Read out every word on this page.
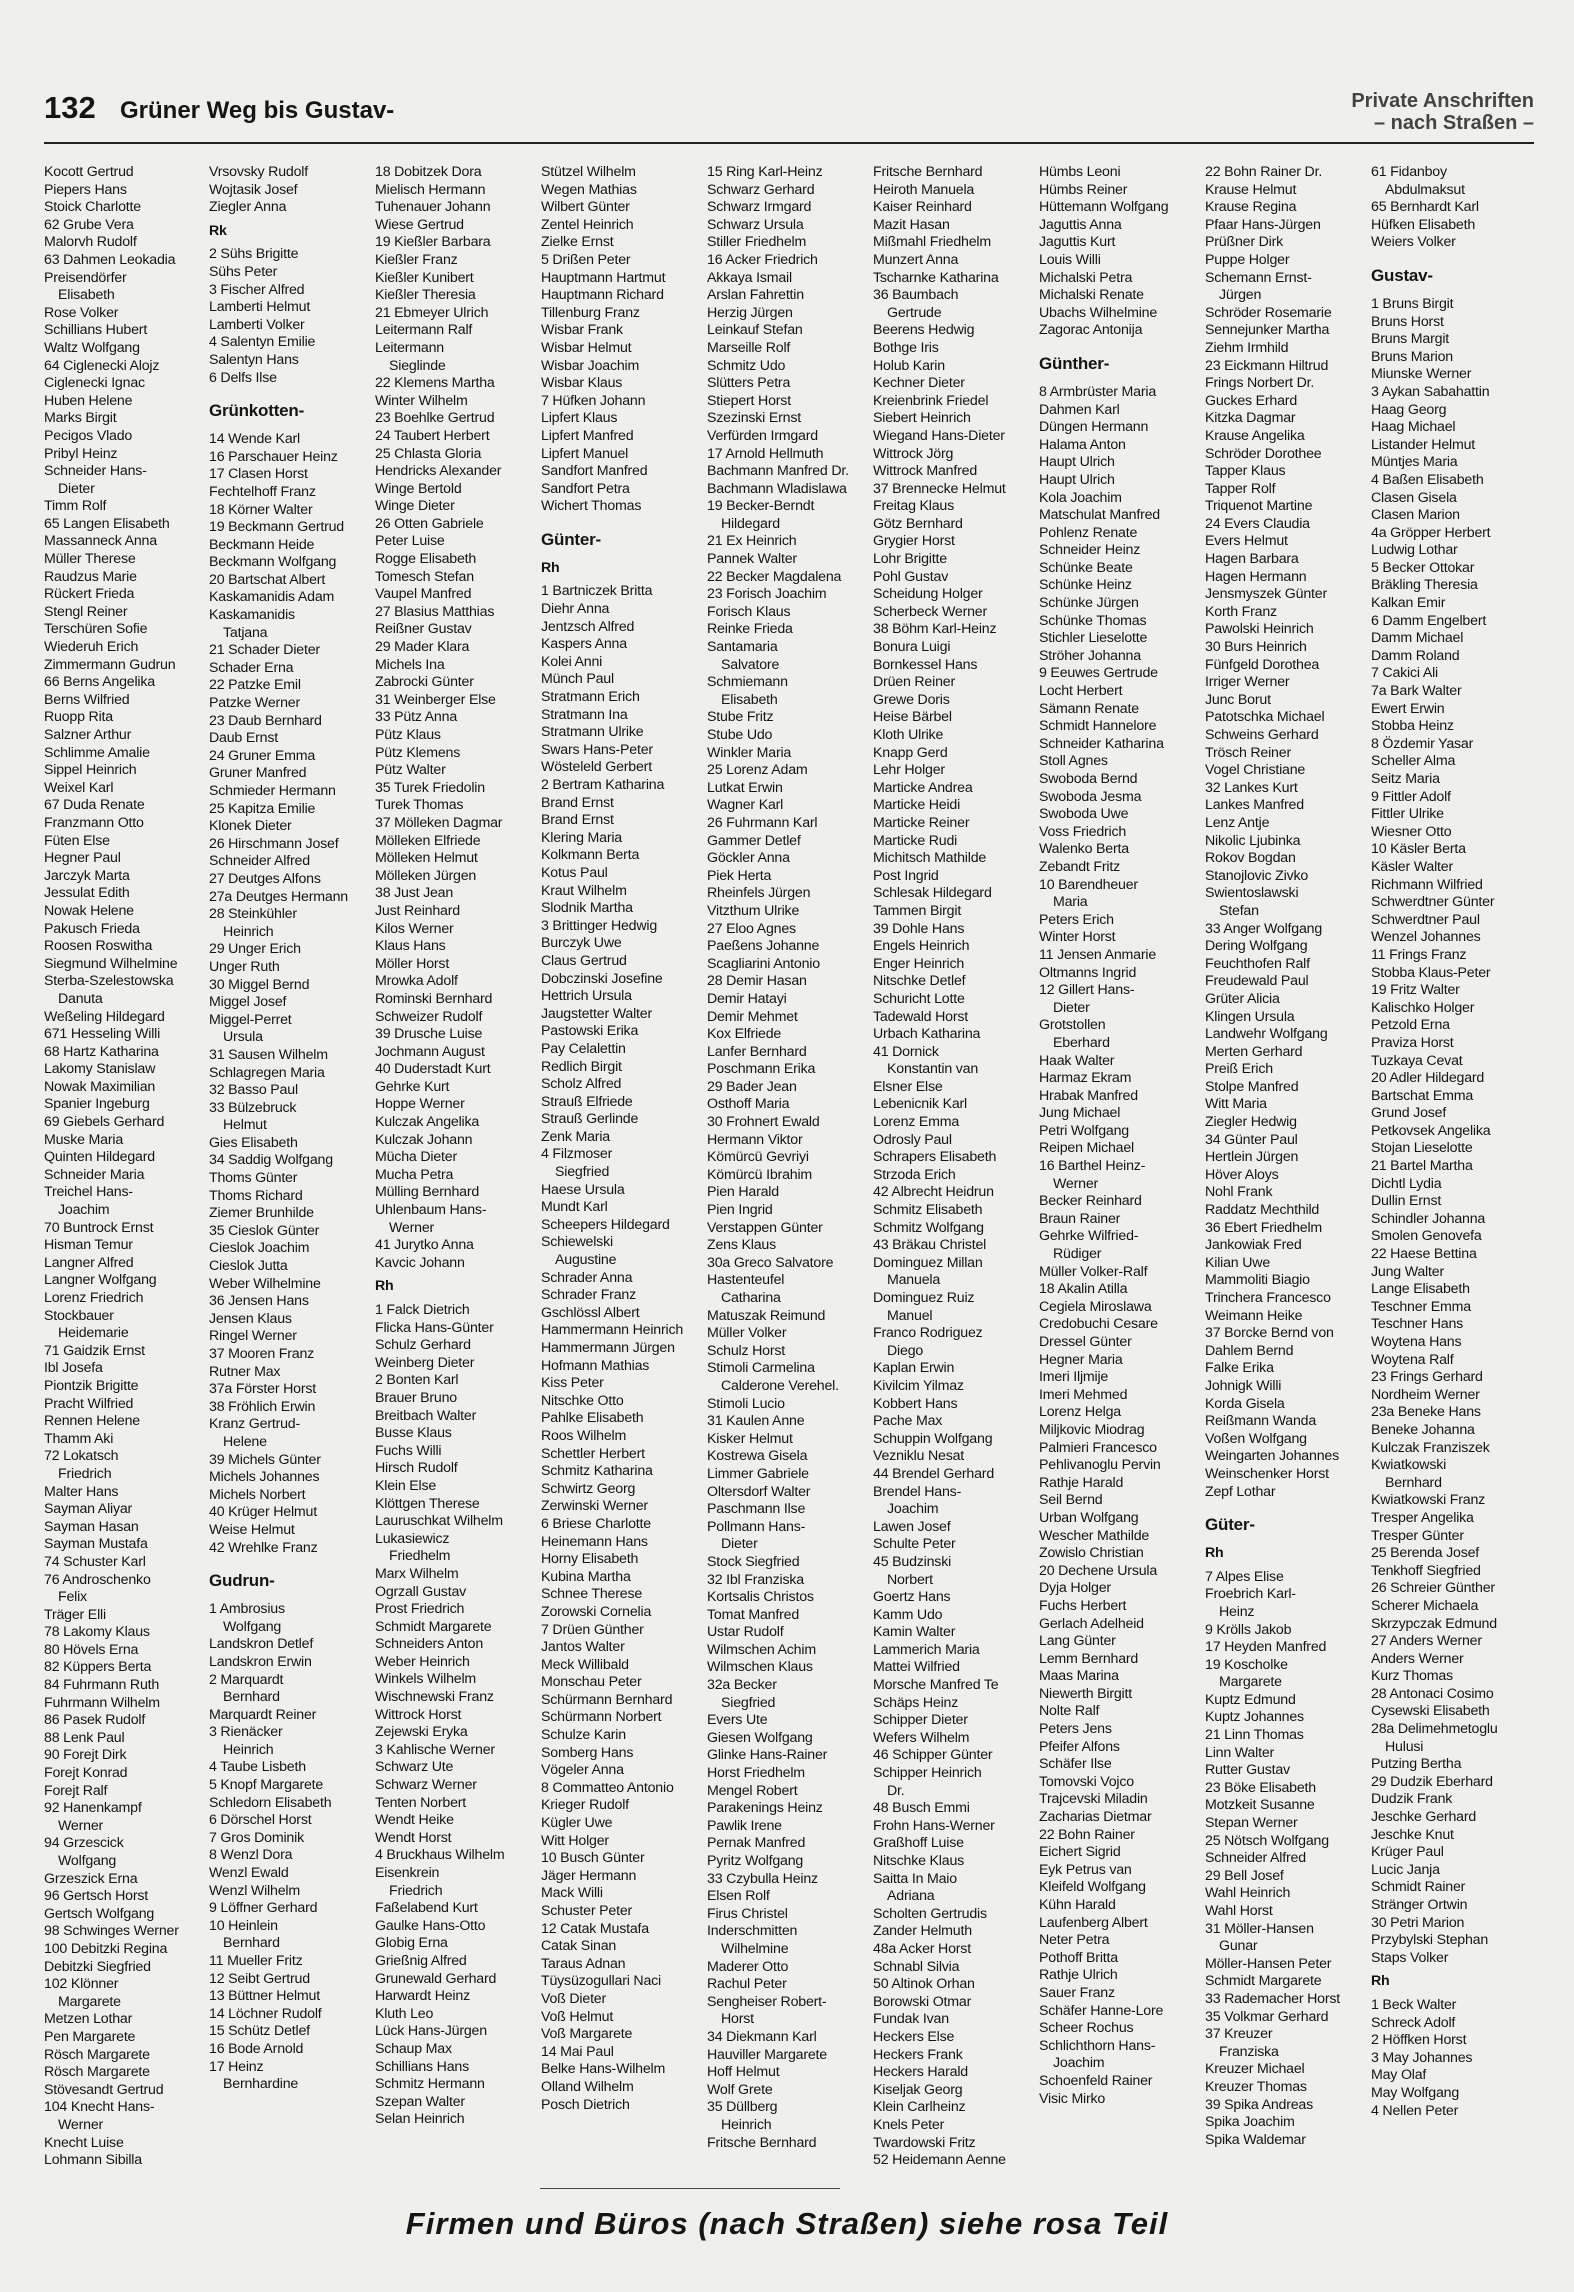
132 Grüner Weg bis Gustav-	Private Anschriften
– nach Straßen –
Kocott Gertrud
Piepers Hans
Stoick Charlotte
62 Grube Vera
Malorvh Rudolf
63 Dahmen Leokadia
Preisendörfer
Elisabeth
Rose Volker
Schillians Hubert
Waltz Wolfgang
64 Ciglenecki Alojz
Ciglenecki Ignac
Huben Helene
Marks Birgit
Pecigos Vlado
Pribyl Heinz
Schneider Hans-
Dieter
Timm Rolf
65 Langen Elisabeth
Massanneck Anna
Müller Therese
Raudzus Marie
Rückert Frieda
Stengl Reiner
Terschüren Sofie
Wiederuh Erich
Zimmermann Gudrun
66 Berns Angelika
Berns Wilfried
Ruopp Rita
Salzner Arthur
Schlimme Amalie
Sippel Heinrich
Weixel Karl
67 Duda Renate
Franzmann Otto
Füten Else
Hegner Paul
Jarczyk Marta
Jessulat Edith
Nowak Helene
Pakusch Frieda
Roosen Roswitha
Siegmund Wilhelmine
Sterba-Szelestowska
Danuta
Weßeling Hildegard
671 Hesseling Willi
68 Hartz Katharina
Lakomy Stanislaw
Nowak Maximilian
Spanier Ingeburg
69 Giebels Gerhard
Muske Maria
Quinten Hildegard
Schneider Maria
Treichel Hans-
Joachim
70 Buntrock Ernst
Hisman Temur
Langner Alfred
Langner Wolfgang
Lorenz Friedrich
Stockbauer
Heidemarie
71 Gaidzik Ernst
Ibl Josefa
Piontzik Brigitte
Pracht Wilfried
Rennen Helene
Thamm Aki
72 Lokatsch
Friedrich
Malter Hans
Sayman Aliyar
Sayman Hasan
Sayman Mustafa
74 Schuster Karl
76 Androschenko
Felix
Träger Elli
78 Lakomy Klaus
80 Hövels Erna
82 Küppers Berta
84 Fuhrmann Ruth
Fuhrmann Wilhelm
86 Pasek Rudolf
88 Lenk Paul
90 Forejt Dirk
Forejt Konrad
Forejt Ralf
92 Hanenkampf
Werner
94 Grzescick
Wolfgang
Grzeszick Erna
96 Gertsch Horst
Gertsch Wolfgang
98 Schwinges Werner
100 Debitzki Regina
Debitzki Siegfried
102 Klönner
Margarete
Metzen Lothar
Pen Margarete
Rösch Margarete
Rösch Margarete
Stövesandt Gertrud
104 Knecht Hans-
Werner
Knecht Luise
Lohmann Sibilla
Vrsovsky Rudolf
Wojtasik Josef
Ziegler Anna
Rk
2 Sühs Brigitte
Sühs Peter
3 Fischer Alfred
Lamberti Helmut
Lamberti Volker
4 Salentyn Emilie
Salentyn Hans
6 Delfs Ilse
Grünkotten-
14 Wende Karl
16 Parschauer Heinz
17 Clasen Horst
Fechtelhoff Franz
18 Körner Walter
19 Beckmann Gertrud
Beckmann Heide
Beckmann Wolfgang
20 Bartschat Albert
Kaskamanidis Adam
Kaskamanidis
Tatjana
21 Schader Dieter
Schader Erna
22 Patzke Emil
Patzke Werner
23 Daub Bernhard
Daub Ernst
24 Gruner Emma
Gruner Manfred
Schmieder Hermann
25 Kapitza Emilie
Klonek Dieter
26 Hirschmann Josef
Schneider Alfred
27 Deutges Alfons
27a Deutges Hermann
28 Steinkühler
Heinrich
29 Unger Erich
Unger Ruth
30 Miggel Bernd
Miggel Josef
Miggel-Perret
Ursula
31 Sausen Wilhelm
Schlagregen Maria
32 Basso Paul
33 Bülzebruck
Helmut
Gies Elisabeth
34 Saddig Wolfgang
Thoms Günter
Thoms Richard
Ziemer Brunhilde
35 Cieslok Günter
Cieslok Joachim
Cieslok Jutta
Weber Wilhelmine
36 Jensen Hans
Jensen Klaus
Ringel Werner
37 Mooren Franz
Rutner Max
37a Förster Horst
38 Fröhlich Erwin
Kranz Gertrud-
Helene
39 Michels Günter
Michels Johannes
Michels Norbert
40 Krüger Helmut
Weise Helmut
42 Wrehlke Franz
Gudrun-
1 Ambrosius
Wolfgang
Landskron Detlef
Landskron Erwin
2 Marquardt
Bernhard
Marquardt Reiner
3 Rienäcker
Heinrich
4 Taube Lisbeth
5 Knopf Margarete
Schledorn Elisabeth
6 Dörschel Horst
7 Gros Dominik
8 Wenzl Dora
Wenzl Ewald
Wenzl Wilhelm
9 Löffner Gerhard
10 Heinlein
Bernhard
11 Mueller Fritz
12 Seibt Gertrud
13 Büttner Helmut
14 Löchner Rudolf
15 Schütz Detlef
16 Bode Arnold
17 Heinz
Bernhardine
18 Dobitzek Dora
Mielisch Hermann
Tuhenauer Johann
Wiese Gertrud
19 Kießler Barbara
Kießler Franz
Kießler Kunibert
Kießler Theresia
21 Ebmeyer Ulrich
Leitermann Ralf
Leitermann
Sieglinde
22 Klemens Martha
Winter Wilhelm
23 Boehlke Gertrud
24 Taubert Herbert
25 Chlasta Gloria
Hendricks Alexander
Winge Bertold
Winge Dieter
26 Otten Gabriele
Peter Luise
Rogge Elisabeth
Tomesch Stefan
Vaupel Manfred
27 Blasius Matthias
Reißner Gustav
29 Mader Klara
Michels Ina
Zabrocki Günter
31 Weinberger Else
33 Pütz Anna
Pütz Klaus
Pütz Klemens
Pütz Walter
35 Turek Friedolin
Turek Thomas
37 Mölleken Dagmar
Mölleken Elfriede
Mölleken Helmut
Mölleken Jürgen
38 Just Jean
Just Reinhard
Kilos Werner
Klaus Hans
Möller Horst
Mrowka Adolf
Rominski Bernhard
Schweizer Rudolf
39 Drusche Luise
Jochmann August
40 Duderstadt Kurt
Gehrke Kurt
Hoppe Werner
Kulczak Angelika
Kulczak Johann
Mücha Dieter
Mucha Petra
Mülling Bernhard
Uhlenbaum Hans-
Werner
41 Jurytko Anna
Kavcic Johann
Rh
1 Falck Dietrich
Flicka Hans-Günter
Schulz Gerhard
Weinberg Dieter
2 Bonten Karl
Brauer Bruno
Breitbach Walter
Busse Klaus
Fuchs Willi
Hirsch Rudolf
Klein Else
Klöttgen Therese
Lauruschkat Wilhelm
Lukasiewicz
Friedhelm
Marx Wilhelm
Ogrzall Gustav
Prost Friedrich
Schmidt Margarete
Schneiders Anton
Weber Heinrich
Winkels Wilhelm
Wischnewski Franz
Wittrock Horst
Zejewski Eryka
3 Kahlische Werner
Schwarz Ute
Schwarz Werner
Tenten Norbert
Wendt Heike
Wendt Horst
4 Bruckhaus Wilhelm
Eisenkrein
Friedrich
Faßelabend Kurt
Gaulke Hans-Otto
Globig Erna
Grießnig Alfred
Grunewald Gerhard
Harwardt Heinz
Kluth Leo
Lück Hans-Jürgen
Schaup Max
Schillians Hans
Schmitz Hermann
Szepan Walter
Selan Heinrich
Stützel Wilhelm
Wegen Mathias
Wilbert Günter
Zentel Heinrich
Zielke Ernst
5 Drißen Peter
Hauptmann Hartmut
Hauptmann Richard
Tillenburg Franz
Wisbar Frank
Wisbar Helmut
Wisbar Joachim
Wisbar Klaus
7 Hüfken Johann
Lipfert Klaus
Lipfert Manfred
Lipfert Manuel
Sandfort Manfred
Sandfort Petra
Wichert Thomas
Günter-
Rh
1 Bartniczek Britta
Diehr Anna
Jentzsch Alfred
Kaspers Anna
Kolei Anni
Münch Paul
Stratmann Erich
Stratmann Ina
Stratmann Ulrike
Swars Hans-Peter
Wösteleld Gerbert
2 Bertram Katharina
Brand Ernst
Brand Ernst
Klering Maria
Kolkmann Berta
Kotus Paul
Kraut Wilhelm
Slodnik Martha
3 Brittinger Hedwig
Burczyk Uwe
Claus Gertrud
Dobczinski Josefine
Hettrich Ursula
Jaugstetter Walter
Pastowski Erika
Pay Celalettin
Redlich Birgit
Scholz Alfred
Strauß Elfriede
Strauß Gerlinde
Zenk Maria
4 Filzmoser
Siegfried
Haese Ursula
Mundt Karl
Scheepers Hildegard
Schiewelski
Augustine
Schrader Anna
Schrader Franz
Gschlössl Albert
Hammermann Heinrich
Hammermann Jürgen
Hofmann Mathias
Kiss Peter
Nitschke Otto
Pahlke Elisabeth
Roos Wilhelm
Schettler Herbert
Schmitz Katharina
Schwirtz Georg
Zerwinski Werner
6 Briese Charlotte
Heinemann Hans
Horny Elisabeth
Kubina Martha
Schnee Therese
Zorowski Cornelia
7 Drüen Günther
Jantos Walter
Meck Willibald
Monschau Peter
Schürmann Bernhard
Schürmann Norbert
Schulze Karin
Somberg Hans
Vögeler Anna
8 Commatteo Antonio
Krieger Rudolf
Kügler Uwe
Witt Holger
10 Busch Günter
Jäger Hermann
Mack Willi
Schuster Peter
12 Catak Mustafa
Catak Sinan
Taraus Adnan
Tüysüzogullari Naci
Voß Dieter
Voß Helmut
Voß Margarete
14 Mai Paul
Belke Hans-Wilhelm
Olland Wilhelm
Posch Dietrich
15 Ring Karl-Heinz
Schwarz Gerhard
Schwarz Irmgard
Schwarz Ursula
Stiller Friedhelm
16 Acker Friedrich
Akkaya Ismail
Arslan Fahrettin
Herzig Jürgen
Leinkauf Stefan
Marseille Rolf
Schmitz Udo
Slütters Petra
Stiepert Horst
Szezinski Ernst
Verfürden Irmgard
17 Arnold Hellmuth
Bachmann Manfred Dr.
Bachmann Wladislawa
19 Becker-Berndt
Hildegard
21 Ex Heinrich
Pannek Walter
22 Becker Magdalena
23 Forisch Joachim
Forisch Klaus
Reinke Frieda
Santamaria
Salvatore
Schmiemann
Elisabeth
Stube Fritz
Stube Udo
Winkler Maria
25 Lorenz Adam
Lutkat Erwin
Wagner Karl
26 Fuhrmann Karl
Gammer Detlef
Göckler Anna
Piek Herta
Rheinfels Jürgen
Vitzthum Ulrike
27 Eloo Agnes
Paeßens Johanne
Scagliarini Antonio
28 Demir Hasan
Demir Hatayi
Demir Mehmet
Kox Elfriede
Lanfer Bernhard
Poschmann Erika
29 Bader Jean
Osthoff Maria
30 Frohnert Ewald
Hermann Viktor
Kömürcü Gevriyi
Kömürcü Ibrahim
Pien Harald
Pien Ingrid
Verstappen Günter
Zens Klaus
30a Greco Salvatore
Hastenteufel
Catharina
Matuszak Reimund
Müller Volker
Schulz Horst
Stimoli Carmelina
Calderone Verehel.
Stimoli Lucio
31 Kaulen Anne
Kisker Helmut
Kostrewa Gisela
Limmer Gabriele
Oltersdorf Walter
Paschmann Ilse
Pollmann Hans-
Dieter
Stock Siegfried
32 Ibl Franziska
Kortsalis Christos
Tomat Manfred
Ustar Rudolf
Wilmschen Achim
Wilmschen Klaus
32a Becker
Siegfried
Evers Ute
Giesen Wolfgang
Glinke Hans-Rainer
Horst Friedhelm
Mengel Robert
Parakenings Heinz
Pawlik Irene
Pernak Manfred
Pyritz Wolfgang
33 Czybulla Heinz
Elsen Rolf
Firus Christel
Inderschmitten
Wilhelmine
Maderer Otto
Rachul Peter
Sengheiser Robert-
Horst
34 Diekmann Karl
Hauviller Margarete
Hoff Helmut
Wolf Grete
35 Düllberg
Heinrich
Fritsche Bernhard
Fritsche Bernhard
Heiroth Manuela
Kaiser Reinhard
Mazit Hasan
Mißmahl Friedhelm
Munzert Anna
Tscharnke Katharina
36 Baumbach
Gertrude
Beerens Hedwig
Bothge Iris
Holub Karin
Kechner Dieter
Kreienbrink Friedel
Siebert Heinrich
Wiegand Hans-Dieter
Wittrock Jörg
Wittrock Manfred
37 Brennecke Helmut
Freitag Klaus
Götz Bernhard
Grygier Horst
Lohr Brigitte
Pohl Gustav
Scheidung Holger
Scherbeck Werner
38 Böhm Karl-Heinz
Bonura Luigi
Bornkessel Hans
Drüen Reiner
Grewe Doris
Heise Bärbel
Kloth Ulrike
Knapp Gerd
Lehr Holger
Marticke Andrea
Marticke Heidi
Marticke Reiner
Marticke Rudi
Michitsch Mathilde
Post Ingrid
Schlesak Hildegard
Tammen Birgit
39 Dohle Hans
Engels Heinrich
Enger Heinrich
Nitschke Detlef
Schuricht Lotte
Tadewald Horst
Urbach Katharina
41 Dornick
Konstantin van
Elsner Else
Lebenicnik Karl
Lorenz Emma
Odrosly Paul
Schrapers Elisabeth
Strzoda Erich
42 Albrecht Heidrun
Schmitz Elisabeth
Schmitz Wolfgang
43 Bräkau Christel
Dominguez Millan
Manuela
Dominguez Ruiz
Manuel
Franco Rodriguez
Diego
Kaplan Erwin
Kivilcim Yilmaz
Kobbert Hans
Pache Max
Schuppin Wolfgang
Vezniklu Nesat
44 Brendel Gerhard
Brendel Hans-
Joachim
Lawen Josef
Schulte Peter
45 Budzinski
Norbert
Goertz Hans
Kamm Udo
Kamin Walter
Lammerich Maria
Mattei Wilfried
Morsche Manfred Te
Schäps Heinz
Schipper Dieter
Wefers Wilhelm
46 Schipper Günter
Schipper Heinrich
Dr.
48 Busch Emmi
Frohn Hans-Werner
Graßhoff Luise
Nitschke Klaus
Saitta In Maio
Adriana
Scholten Gertrudis
Zander Helmuth
48a Acker Horst
Schnabl Silvia
50 Altinok Orhan
Borowski Otmar
Fundak Ivan
Heckers Else
Heckers Frank
Heckers Harald
Kiseljak Georg
Klein Carlheinz
Knels Peter
Twardowski Fritz
52 Heidemann Aenne
Hümbs Leoni
Hümbs Reiner
Hüttemann Wolfgang
Jaguttis Anna
Jaguttis Kurt
Louis Willi
Michalski Petra
Michalski Renate
Ubachs Wilhelmine
Zagorac Antonija
Günther-
8 Armbrüster Maria
Dahmen Karl
Düngen Hermann
Halama Anton
Haupt Ulrich
Haupt Ulrich
Kola Joachim
Matschulat Manfred
Pohlenz Renate
Schneider Heinz
Schünke Beate
Schünke Heinz
Schünke Jürgen
Schünke Thomas
Stichler Lieselotte
Ströher Johanna
9 Eeuwes Gertrude
Locht Herbert
Sämann Renate
Schmidt Hannelore
Schneider Katharina
Stoll Agnes
Swoboda Bernd
Swoboda Jesma
Swoboda Uwe
Voss Friedrich
Walenko Berta
Zebandt Fritz
10 Barendheuer
Maria
Peters Erich
Winter Horst
11 Jensen Anmarie
Oltmanns Ingrid
12 Gillert Hans-
Dieter
Grotstollen
Eberhard
Haak Walter
Harmaz Ekram
Hrabak Manfred
Jung Michael
Petri Wolfgang
Reipen Michael
16 Barthel Heinz-
Werner
Becker Reinhard
Braun Rainer
Gehrke Wilfried-
Rüdiger
Müller Volker-Ralf
18 Akalin Atilla
Cegiela Miroslawa
Credobuchi Cesare
Dressel Günter
Hegner Maria
Imeri Iljmije
Imeri Mehmed
Lorenz Helga
Miljkovic Miodrag
Palmieri Francesco
Pehlivanoglu Pervin
Rathje Harald
Seil Bernd
Urban Wolfgang
Wescher Mathilde
Zowislo Christian
20 Dechene Ursula
Dyja Holger
Fuchs Herbert
Gerlach Adelheid
Lang Günter
Lemm Bernhard
Maas Marina
Niewerth Birgitt
Nolte Ralf
Peters Jens
Pfeifer Alfons
Schäfer Ilse
Tomovski Vojco
Trajcevski Miladin
Zacharias Dietmar
22 Bohn Rainer
Eichert Sigrid
Eyk Petrus van
Kleifeld Wolfgang
Kühn Harald
Laufenberg Albert
Neter Petra
Pothoff Britta
Rathje Ulrich
Sauer Franz
Schäfer Hanne-Lore
Scheer Rochus
Schlichthorn Hans-
Joachim
Schoenfeld Rainer
Visic Mirko
22 Bohn Rainer Dr.
Krause Helmut
Krause Regina
Pfaar Hans-Jürgen
Prüßner Dirk
Puppe Holger
Schemann Ernst-
Jürgen
Schröder Rosemarie
Sennejunker Martha
Ziehm Irmhild
23 Eickmann Hiltrud
Frings Norbert Dr.
Guckes Erhard
Kitzka Dagmar
Krause Angelika
Schröder Dorothee
Tapper Klaus
Tapper Rolf
Triquenot Martine
24 Evers Claudia
Evers Helmut
Hagen Barbara
Hagen Hermann
Jensmyszek Günter
Korth Franz
Pawolski Heinrich
30 Burs Heinrich
Fünfgeld Dorothea
Irriger Werner
Junc Borut
Patotschka Michael
Schweins Gerhard
Trösch Reiner
Vogel Christiane
32 Lankes Kurt
Lankes Manfred
Lenz Antje
Nikolic Ljubinka
Rokov Bogdan
Stanojlovic Zivko
Swientoslawski
Stefan
33 Anger Wolfgang
Dering Wolfgang
Feuchthofen Ralf
Freudewald Paul
Grüter Alicia
Klingen Ursula
Landwehr Wolfgang
Merten Gerhard
Preiß Erich
Stolpe Manfred
Witt Maria
Ziegler Hedwig
34 Günter Paul
Hertlein Jürgen
Höver Aloys
Nohl Frank
Raddatz Mechthild
36 Ebert Friedhelm
Jankowiak Fred
Kilian Uwe
Mammoliti Biagio
Trinchera Francesco
Weimann Heike
37 Borcke Bernd von
Dahlem Bernd
Falke Erika
Johnigk Willi
Korda Gisela
Reißmann Wanda
Voßen Wolfgang
Weingarten Johannes
Weinschenker Horst
Zepf Lothar
Güter-
Rh
7 Alpes Elise
Froebrich Karl-
Heinz
9 Krölls Jakob
17 Heyden Manfred
19 Koscholke
Margarete
Kuptz Edmund
Kuptz Johannes
21 Linn Thomas
Linn Walter
Rutter Gustav
23 Böke Elisabeth
Motzkeit Susanne
Stepan Werner
25 Nötsch Wolfgang
Schneider Alfred
29 Bell Josef
Wahl Heinrich
Wahl Horst
31 Möller-Hansen
Gunar
Möller-Hansen Peter
Schmidt Margarete
33 Rademacher Horst
35 Volkmar Gerhard
37 Kreuzer
Franziska
Kreuzer Michael
Kreuzer Thomas
39 Spika Andreas
Spika Joachim
Spika Waldemar
61 Fidanboy
Abdulmaksut
65 Bernhardt Karl
Hüfken Elisabeth
Weiers Volker
Gustav-
1 Bruns Birgit
Bruns Horst
Bruns Margit
Bruns Marion
Miunske Werner
3 Aykan Sabahattin
Haag Georg
Haag Michael
Listander Helmut
Müntjes Maria
4 Baßen Elisabeth
Clasen Gisela
Clasen Marion
4a Gröpper Herbert
Ludwig Lothar
5 Becker Ottokar
Bräkling Theresia
Kalkan Emir
6 Damm Engelbert
Damm Michael
Damm Roland
7 Cakici Ali
7a Bark Walter
Ewert Erwin
Stobba Heinz
8 Özdemir Yasar
Scheller Alma
Seitz Maria
9 Fittler Adolf
Fittler Ulrike
Wiesner Otto
10 Käsler Berta
Käsler Walter
Richmann Wilfried
Schwerdtner Günter
Schwerdtner Paul
Wenzel Johannes
11 Frings Franz
Stobba Klaus-Peter
19 Fritz Walter
Kalischko Holger
Petzold Erna
Praviza Horst
Tuzkaya Cevat
20 Adler Hildegard
Bartschat Emma
Grund Josef
Petkovsek Angelika
Stojan Lieselotte
21 Bartel Martha
Dichtl Lydia
Dullin Ernst
Schindler Johanna
Smolen Genovefa
22 Haese Bettina
Jung Walter
Lange Elisabeth
Teschner Emma
Teschner Hans
Woytena Hans
Woytena Ralf
23 Frings Gerhard
Nordheim Werner
23a Beneke Hans
Beneke Johanna
Kulczak Franziszek
Kwiatkowski
Bernhard
Kwiatkowski Franz
Tresper Angelika
Tresper Günter
25 Berenda Josef
Tenkhoff Siegfried
26 Schreier Günther
Scherer Michaela
Skrzypczak Edmund
27 Anders Werner
Anders Werner
Kurz Thomas
28 Antonaci Cosimo
Cysewski Elisabeth
28a Delimehmetoglu
Hulusi
Putzing Bertha
29 Dudzik Eberhard
Dudzik Frank
Jeschke Gerhard
Jeschke Knut
Krüger Paul
Lucic Janja
Schmidt Rainer
Stränger Ortwin
30 Petri Marion
Przybylski Stephan
Staps Volker
Rh
1 Beck Walter
Schreck Adolf
2 Höffken Horst
3 May Johannes
May Olaf
May Wolfgang
4 Nellen Peter
Firmen und Büros (nach Straßen) siehe rosa Teil
